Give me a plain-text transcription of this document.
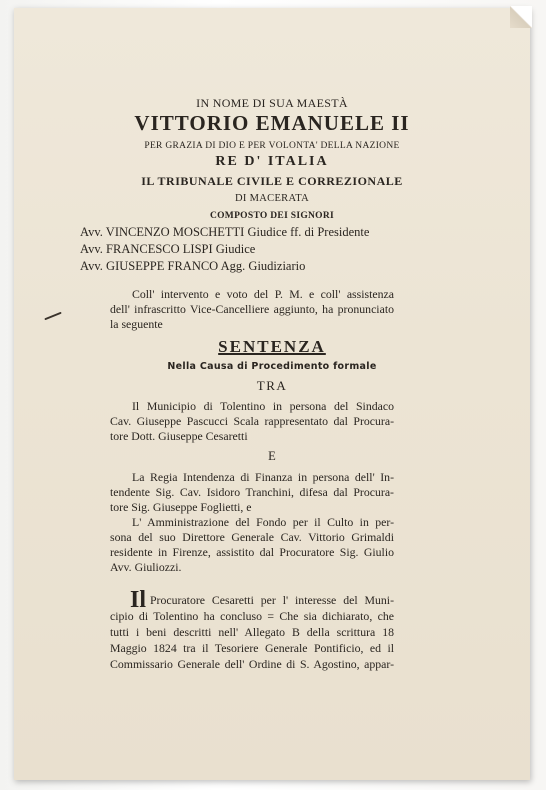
IN NOME DI SUA MAESTÀ
VITTORIO EMANUELE II
PER GRAZIA DI DIO E PER VOLONTA' DELLA NAZIONE
RE D' ITALIA
IL TRIBUNALE CIVILE E CORREZIONALE
DI MACERATA
COMPOSTO DEI SIGNORI
Avv. VINCENZO MOSCHETTI Giudice ff. di Presidente
Avv. FRANCESCO LISPI Giudice
Avv. GIUSEPPE FRANCO Agg. Giudiziario
Coll' intervento e voto del P. M. e coll' assistenza
dell' infrascritto Vice-Cancelliere aggiunto, ha pronunciato
la seguente
SENTENZA
Nella Causa di Procedimento formale
TRA
Il Municipio di Tolentino in persona del Sindaco
Cav. Giuseppe Pascucci Scala rappresentato dal Procura-
tore Dott. Giuseppe Cesaretti
E
La Regia Intendenza di Finanza in persona dell' In-
tendente Sig. Cav. Isidoro Tranchini, difesa dal Procura-
tore Sig. Giuseppe Foglietti, e
L' Amministrazione del Fondo per il Culto in per-
sona del suo Direttore Generale Cav. Vittorio Grimaldi
residente in Firenze, assistito dal Procuratore Sig. Giulio
Avv. Giuliozzi.
Il Procuratore Cesaretti per l' interesse del Muni-
cipio di Tolentino ha concluso = Che sia dichiarato, che
tutti i beni descritti nell' Allegato B della scrittura 18
Maggio 1824 tra il Tesoriere Generale Pontificio, ed il
Commissario Generale dell' Ordine di S. Agostino, appar-
